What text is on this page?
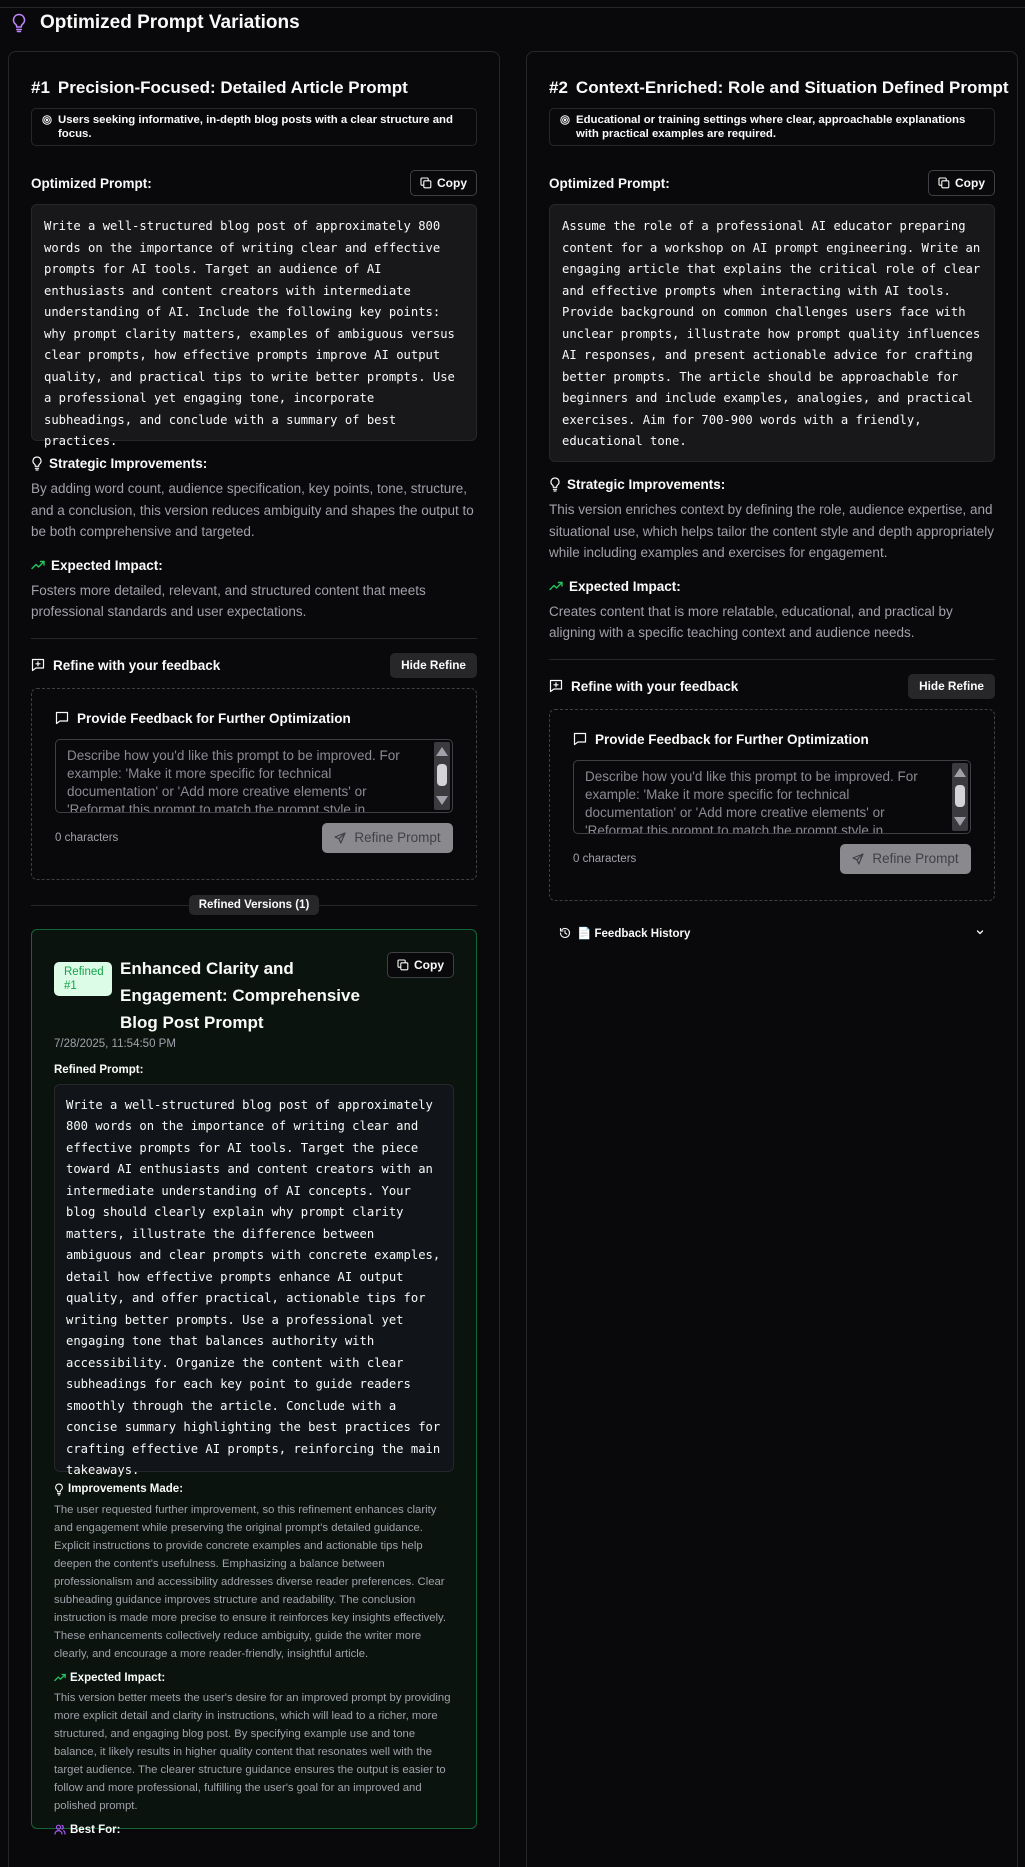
Optimized Prompt Variations
#1 Precision-Focused: Detailed Article Prompt
Users seeking informative, in-depth blog posts with a clear structure and focus.
Optimized Prompt:	Copy
Write a well-structured blog post of approximately 800 words on the importance of writing clear and effective prompts for AI tools. Target an audience of AI enthusiasts and content creators with intermediate understanding of AI. Include the following key points: why prompt clarity matters, examples of ambiguous versus clear prompts, how effective prompts improve AI output quality, and practical tips to write better prompts. Use a professional yet engaging tone, incorporate subheadings, and conclude with a summary of best practices.
Strategic Improvements:
By adding word count, audience specification, key points, tone, structure, and a conclusion, this version reduces ambiguity and shapes the output to be both comprehensive and targeted.
Expected Impact:
Fosters more detailed, relevant, and structured content that meets professional standards and user expectations.
Refine with your feedback	Hide Refine
Provide Feedback for Further Optimization
Describe how you'd like this prompt to be improved. For example: 'Make it more specific for technical documentation' or 'Add more creative elements' or 'Reformat this prompt to match the prompt style in
0 characters	Refine Prompt
Refined Versions (1)
Refined #1
Enhanced Clarity and Engagement: Comprehensive Blog Post Prompt
Copy
7/28/2025, 11:54:50 PM
Refined Prompt:
Write a well-structured blog post of approximately 800 words on the importance of writing clear and effective prompts for AI tools. Target the piece toward AI enthusiasts and content creators with an intermediate understanding of AI concepts. Your blog should clearly explain why prompt clarity matters, illustrate the difference between ambiguous and clear prompts with concrete examples, detail how effective prompts enhance AI output quality, and offer practical, actionable tips for writing better prompts. Use a professional yet engaging tone that balances authority with accessibility. Organize the content with clear subheadings for each key point to guide readers smoothly through the article. Conclude with a concise summary highlighting the best practices for crafting effective AI prompts, reinforcing the main takeaways.
Improvements Made:
The user requested further improvement, so this refinement enhances clarity and engagement while preserving the original prompt's detailed guidance. Explicit instructions to provide concrete examples and actionable tips help deepen the content's usefulness. Emphasizing a balance between professionalism and accessibility addresses diverse reader preferences. Clear subheading guidance improves structure and readability. The conclusion instruction is made more precise to ensure it reinforces key insights effectively. These enhancements collectively reduce ambiguity, guide the writer more clearly, and encourage a more reader-friendly, insightful article.
Expected Impact:
This version better meets the user's desire for an improved prompt by providing more explicit detail and clarity in instructions, which will lead to a richer, more structured, and engaging blog post. By specifying example use and tone balance, it likely results in higher quality content that resonates well with the target audience. The clearer structure guidance ensures the output is easier to follow and more professional, fulfilling the user's goal for an improved and polished prompt.
Best For:
#2 Context-Enriched: Role and Situation Defined Prompt
Educational or training settings where clear, approachable explanations with practical examples are required.
Optimized Prompt:	Copy
Assume the role of a professional AI educator preparing content for a workshop on AI prompt engineering. Write an engaging article that explains the critical role of clear and effective prompts when interacting with AI tools. Provide background on common challenges users face with unclear prompts, illustrate how prompt quality influences AI responses, and present actionable advice for crafting better prompts. The article should be approachable for beginners and include examples, analogies, and practical exercises. Aim for 700-900 words with a friendly, educational tone.
Strategic Improvements:
This version enriches context by defining the role, audience expertise, and situational use, which helps tailor the content style and depth appropriately while including examples and exercises for engagement.
Expected Impact:
Creates content that is more relatable, educational, and practical by aligning with a specific teaching context and audience needs.
Refine with your feedback	Hide Refine
Provide Feedback for Further Optimization
Describe how you'd like this prompt to be improved. For example: 'Make it more specific for technical documentation' or 'Add more creative elements' or 'Reformat this prompt to match the prompt style in
0 characters	Refine Prompt
📄 Feedback History
